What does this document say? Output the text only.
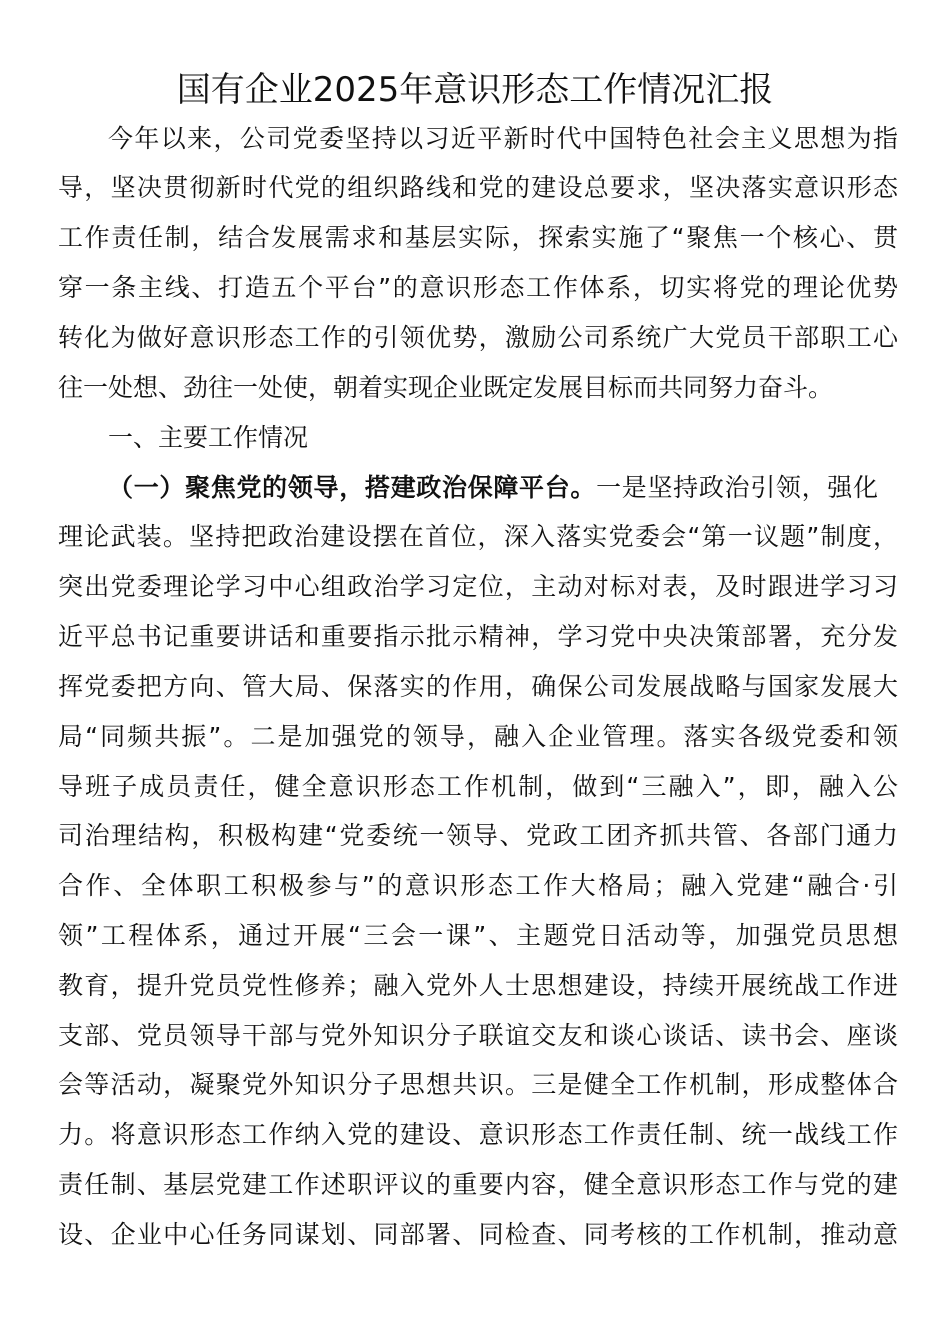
国有企业2025年意识形态工作情况汇报

今年以来，公司党委坚持以习近平新时代中国特色社会主义思想为指

导，坚决贯彻新时代党的组织路线和党的建设总要求，坚决落实意识形态

工作责任制，结合发展需求和基层实际，探索实施了“聚焦一个核心、贯

穿一条主线、打造五个平台”的意识形态工作体系，切实将党的理论优势

转化为做好意识形态工作的引领优势，激励公司系统广大党员干部职工心

往一处想、劲往一处使，朝着实现企业既定发展目标而共同努力奋斗。

一、主要工作情况

（一）聚焦党的领导，搭建政治保障平台。一是坚持政治引领，强化

理论武装。坚持把政治建设摆在首位，深入落实党委会“第一议题”制度，

突出党委理论学习中心组政治学习定位，主动对标对表，及时跟进学习习

近平总书记重要讲话和重要指示批示精神，学习党中央决策部署，充分发

挥党委把方向、管大局、保落实的作用，确保公司发展战略与国家发展大

局“同频共振”。二是加强党的领导，融入企业管理。落实各级党委和领

导班子成员责任，健全意识形态工作机制，做到“三融入”，即，融入公

司治理结构，积极构建“党委统一领导、党政工团齐抓共管、各部门通力

合作、全体职工积极参与”的意识形态工作大格局；融入党建“融合·引

领”工程体系，通过开展“三会一课”、主题党日活动等，加强党员思想

教育，提升党员党性修养；融入党外人士思想建设，持续开展统战工作进

支部、党员领导干部与党外知识分子联谊交友和谈心谈话、读书会、座谈

会等活动，凝聚党外知识分子思想共识。三是健全工作机制，形成整体合

力。将意识形态工作纳入党的建设、意识形态工作责任制、统一战线工作

责任制、基层党建工作述职评议的重要内容，健全意识形态工作与党的建

设、企业中心任务同谋划、同部署、同检查、同考核的工作机制，推动意
